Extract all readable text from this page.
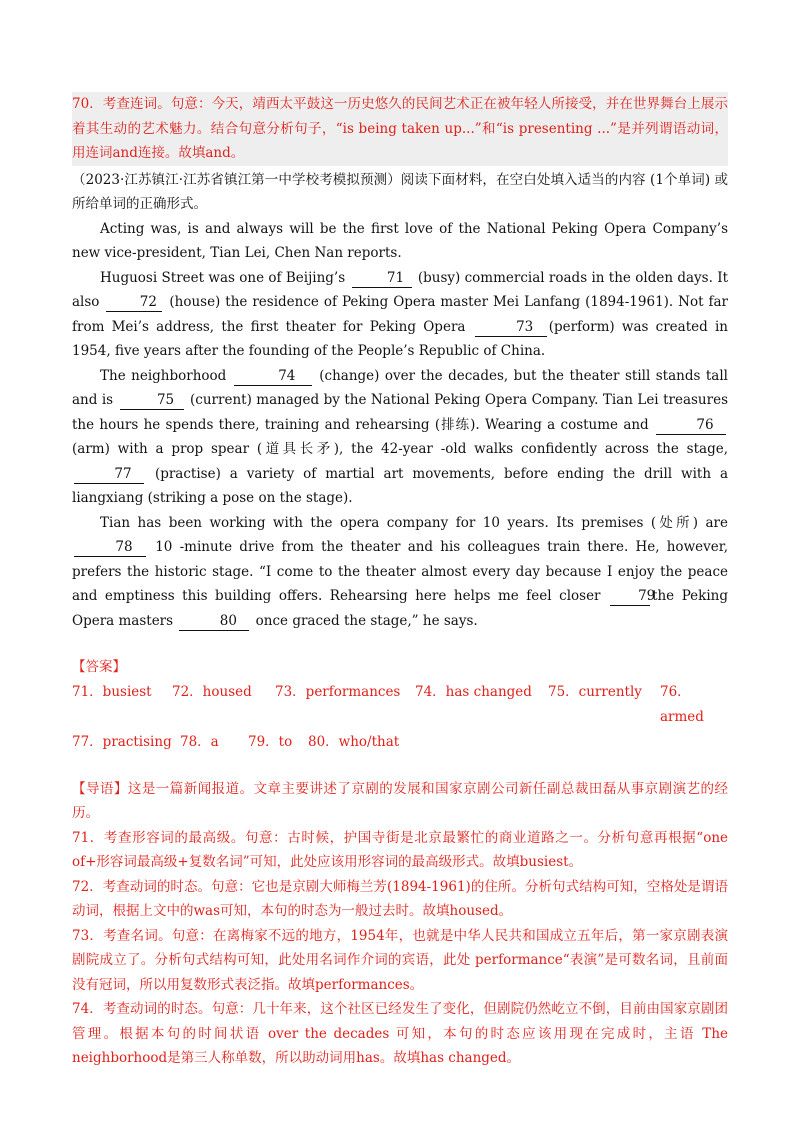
70．考查连词。句意：今天，靖西太平鼓这一历史悠久的民间艺术正在被年轻人所接受，并在世界舞台上展示着其生动的艺术魅力。结合句意分析句子，“is being taken up...”和“is presenting ...”是并列谓语动词，用连词and连接。故填and。

（2023·江苏镇江·江苏省镇江第一中学校考模拟预测）阅读下面材料，在空白处填入适当的内容 (1个单词) 或所给单词的正确形式。

Acting was, is and always will be the first love of the National Peking Opera Company’s new vice-president, Tian Lei, Chen Nan reports.

Huguosi Street was one of Beijing’s	71 (busy) commercial roads in the olden days. It also	72 (house) the residence of Peking Opera master Mei Lanfang (1894-1961). Not far from Mei’s address, the first theater for Peking Opera	73 (perform) was created in 1954, five years after the founding of the People’s Republic of China.

The neighborhood	74 (change) over the decades, but the theater still stands tall and is	75 (current) managed by the National Peking Opera Company. Tian Lei treasures the hours he spends there, training and rehearsing (排练). Wearing a costume and	76 (arm) with a prop spear (道具长矛), the 42-year -old walks confidently across the stage, 77 (practise) a variety of martial art movements, before ending the drill with a liangxiang (striking a pose on the stage).

Tian has been working with the opera company for 10 years. Its premises (处所) are 78 10 -minute drive from the theater and his colleagues train there. He, however, prefers the historic stage. “I come to the theater almost every day because I enjoy the peace and emptiness this building offers. Rehearsing here helps me feel closer	79the Peking Opera masters	80 once graced the stage,” he says.

【答案】

71．busiest	72．housed	73．performances	74．has changed	75．currently	76．armed
77．practising 78．a	79．to	80．who/that

【导语】这是一篇新闻报道。文章主要讲述了京剧的发展和国家京剧公司新任副总裁田磊从事京剧演艺的经历。

71．考查形容词的最高级。句意：古时候，护国寺街是北京最繁忙的商业道路之一。分析句意再根据“one of+形容词最高级+复数名词”可知，此处应该用形容词的最高级形式。故填busiest。

72．考查动词的时态。句意：它也是京剧大师梅兰芳(1894-1961)的住所。分析句式结构可知，空格处是谓语动词，根据上文中的was可知，本句的时态为一般过去时。故填housed。

73．考查名词。句意：在离梅家不远的地方，1954年，也就是中华人民共和国成立五年后，第一家京剧表演剧院成立了。分析句式结构可知，此处用名词作介词的宾语，此处 performance“表演”是可数名词，且前面没有冠词，所以用复数形式表泛指。故填performances。

74．考查动词的时态。句意：几十年来，这个社区已经发生了变化，但剧院仍然屹立不倒，目前由国家京剧团管理。根据本句的时间状语 over the decades 可知，本句的时态应该用现在完成时，主语 The neighborhood是第三人称单数，所以助动词用has。故填has changed。
